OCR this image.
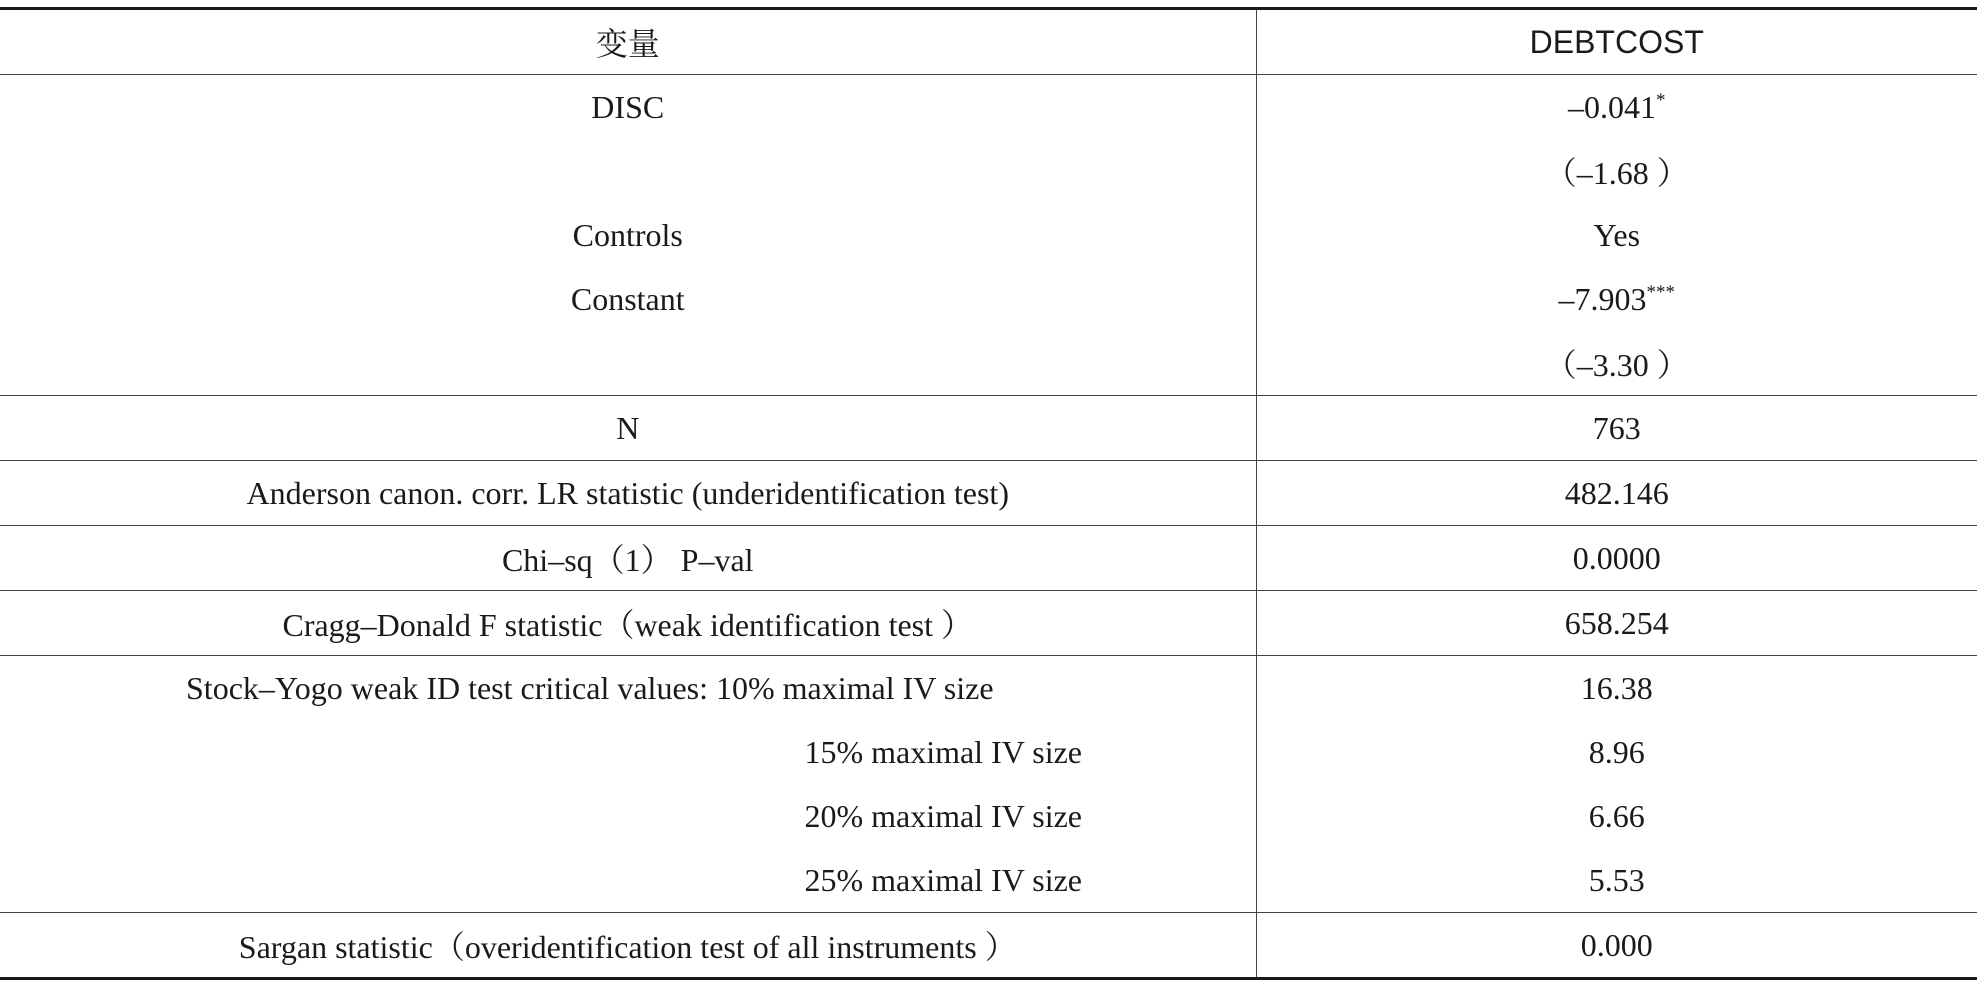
变量	DEBTCOST
DISC	–0.041*
	（–1.68 ）
Controls	Yes
Constant	–7.903***
	（–3.30 ）
N	763
Anderson canon. corr. LR statistic (underidentification test)	482.146
Chi–sq（1） P–val	0.0000
Cragg–Donald F statistic（weak identification test ）	658.254

Stock–Yogo weak ID test critical values: 10% maximal IV size	16.38

15% maximal IV size	8.96

20% maximal IV size	6.66

25% maximal IV size	5.53
Sargan statistic（overidentification test of all instruments ）	0.000
